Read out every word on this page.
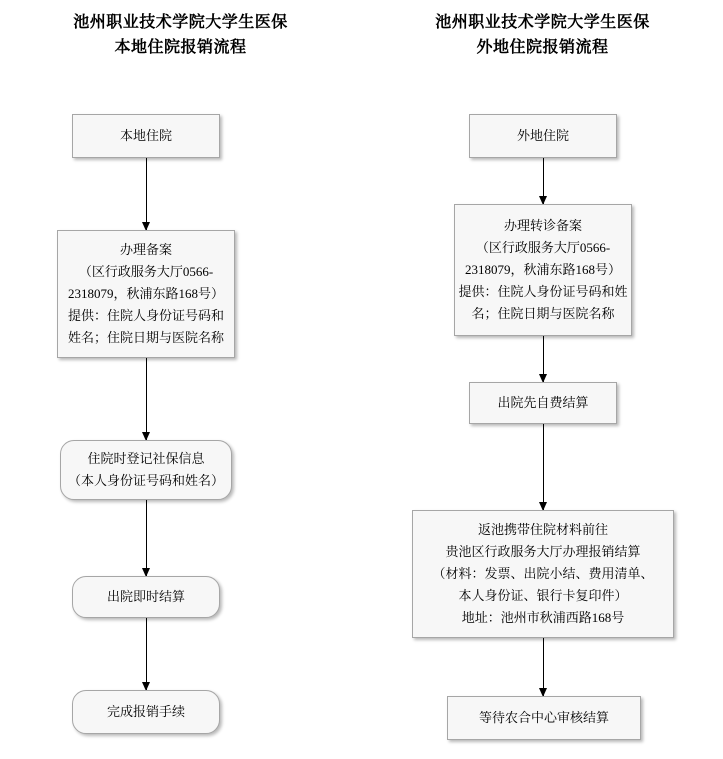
池州职业技术学院大学生医保
本地住院报销流程
本地住院
办理备案
（区行政服务大厅0566-
2318079，秋浦东路168号）
提供：住院人身份证号码和
姓名；住院日期与医院名称
住院时登记社保信息
（本人身份证号码和姓名）
出院即时结算
完成报销手续
池州职业技术学院大学生医保
外地住院报销流程
外地住院
办理转诊备案
（区行政服务大厅0566-
2318079，秋浦东路168号）
提供：住院人身份证号码和姓
名；住院日期与医院名称
出院先自费结算
返池携带住院材料前往
贵池区行政服务大厅办理报销结算
（材料：发票、出院小结、费用清单、
本人身份证、银行卡复印件）
地址：池州市秋浦西路168号
等待农合中心审核结算
